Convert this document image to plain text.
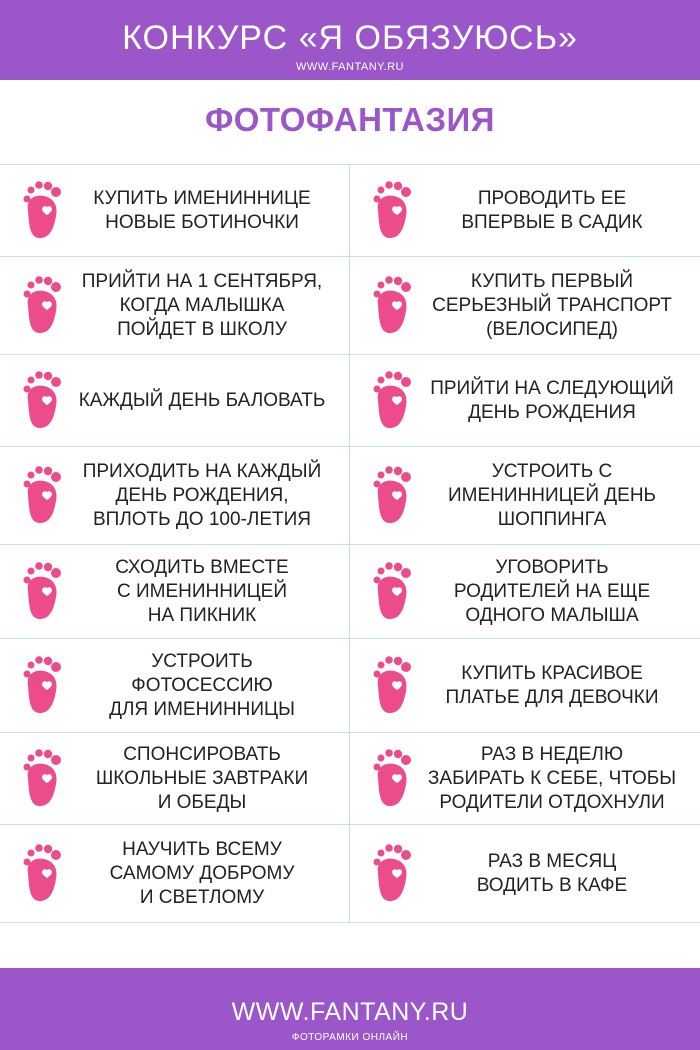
КОНКУРС «Я ОБЯЗУЮСЬ»
WWW.FANTANY.RU
ФОТОФАНТАЗИЯ
КУПИТЬ ИМЕНИННИЦЕ
НОВЫЕ БОТИНОЧКИ
ПРОВОДИТЬ ЕЕ
ВПЕРВЫЕ В САДИК
ПРИЙТИ НА 1 СЕНТЯБРЯ,
КОГДА МАЛЫШКА
ПОЙДЕТ В ШКОЛУ
КУПИТЬ ПЕРВЫЙ
СЕРЬЕЗНЫЙ ТРАНСПОРТ
(ВЕЛОСИПЕД)
КАЖДЫЙ ДЕНЬ БАЛОВАТЬ
ПРИЙТИ НА СЛЕДУЮЩИЙ
ДЕНЬ РОЖДЕНИЯ
ПРИХОДИТЬ НА КАЖДЫЙ
ДЕНЬ РОЖДЕНИЯ,
ВПЛОТЬ ДО 100-ЛЕТИЯ
УСТРОИТЬ С
ИМЕНИННИЦЕЙ ДЕНЬ
ШОППИНГА
СХОДИТЬ ВМЕСТЕ
С ИМЕНИННИЦЕЙ
НА ПИКНИК
УГОВОРИТЬ
РОДИТЕЛЕЙ НА ЕЩЕ
ОДНОГО МАЛЫША
УСТРОИТЬ
ФОТОСЕССИЮ
ДЛЯ ИМЕНИННИЦЫ
КУПИТЬ КРАСИВОЕ
ПЛАТЬЕ ДЛЯ ДЕВОЧКИ
СПОНСИРОВАТЬ
ШКОЛЬНЫЕ ЗАВТРАКИ
И ОБЕДЫ
РАЗ В НЕДЕЛЮ
ЗАБИРАТЬ К СЕБЕ, ЧТОБЫ
РОДИТЕЛИ ОТДОХНУЛИ
НАУЧИТЬ ВСЕМУ
САМОМУ ДОБРОМУ
И СВЕТЛОМУ
РАЗ В МЕСЯЦ
ВОДИТЬ В КАФЕ
WWW.FANTANY.RU
ФОТОРАМКИ ОНЛАЙН
